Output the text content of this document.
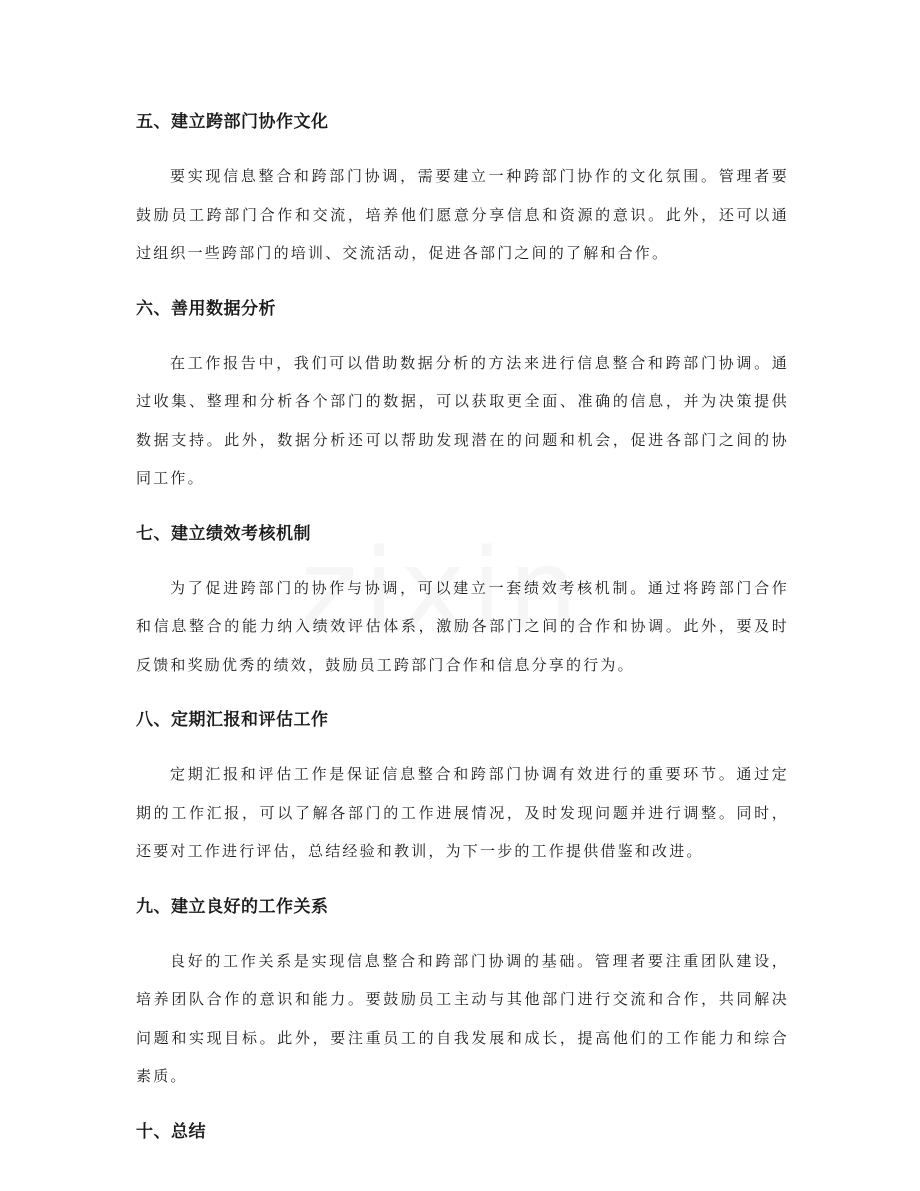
五、建立跨部门协作文化

要实现信息整合和跨部门协调，需要建立一种跨部门协作的文化氛围。管理者要鼓励员工跨部门合作和交流，培养他们愿意分享信息和资源的意识。此外，还可以通过组织一些跨部门的培训、交流活动，促进各部门之间的了解和合作。

六、善用数据分析

在工作报告中，我们可以借助数据分析的方法来进行信息整合和跨部门协调。通过收集、整理和分析各个部门的数据，可以获取更全面、准确的信息，并为决策提供数据支持。此外，数据分析还可以帮助发现潜在的问题和机会，促进各部门之间的协同工作。

七、建立绩效考核机制

为了促进跨部门的协作与协调，可以建立一套绩效考核机制。通过将跨部门合作和信息整合的能力纳入绩效评估体系，激励各部门之间的合作和协调。此外，要及时反馈和奖励优秀的绩效，鼓励员工跨部门合作和信息分享的行为。

八、定期汇报和评估工作

定期汇报和评估工作是保证信息整合和跨部门协调有效进行的重要环节。通过定期的工作汇报，可以了解各部门的工作进展情况，及时发现问题并进行调整。同时，还要对工作进行评估，总结经验和教训，为下一步的工作提供借鉴和改进。

九、建立良好的工作关系

良好的工作关系是实现信息整合和跨部门协调的基础。管理者要注重团队建设，培养团队合作的意识和能力。要鼓励员工主动与其他部门进行交流和合作，共同解决问题和实现目标。此外，要注重员工的自我发展和成长，提高他们的工作能力和综合素质。

十、总结
